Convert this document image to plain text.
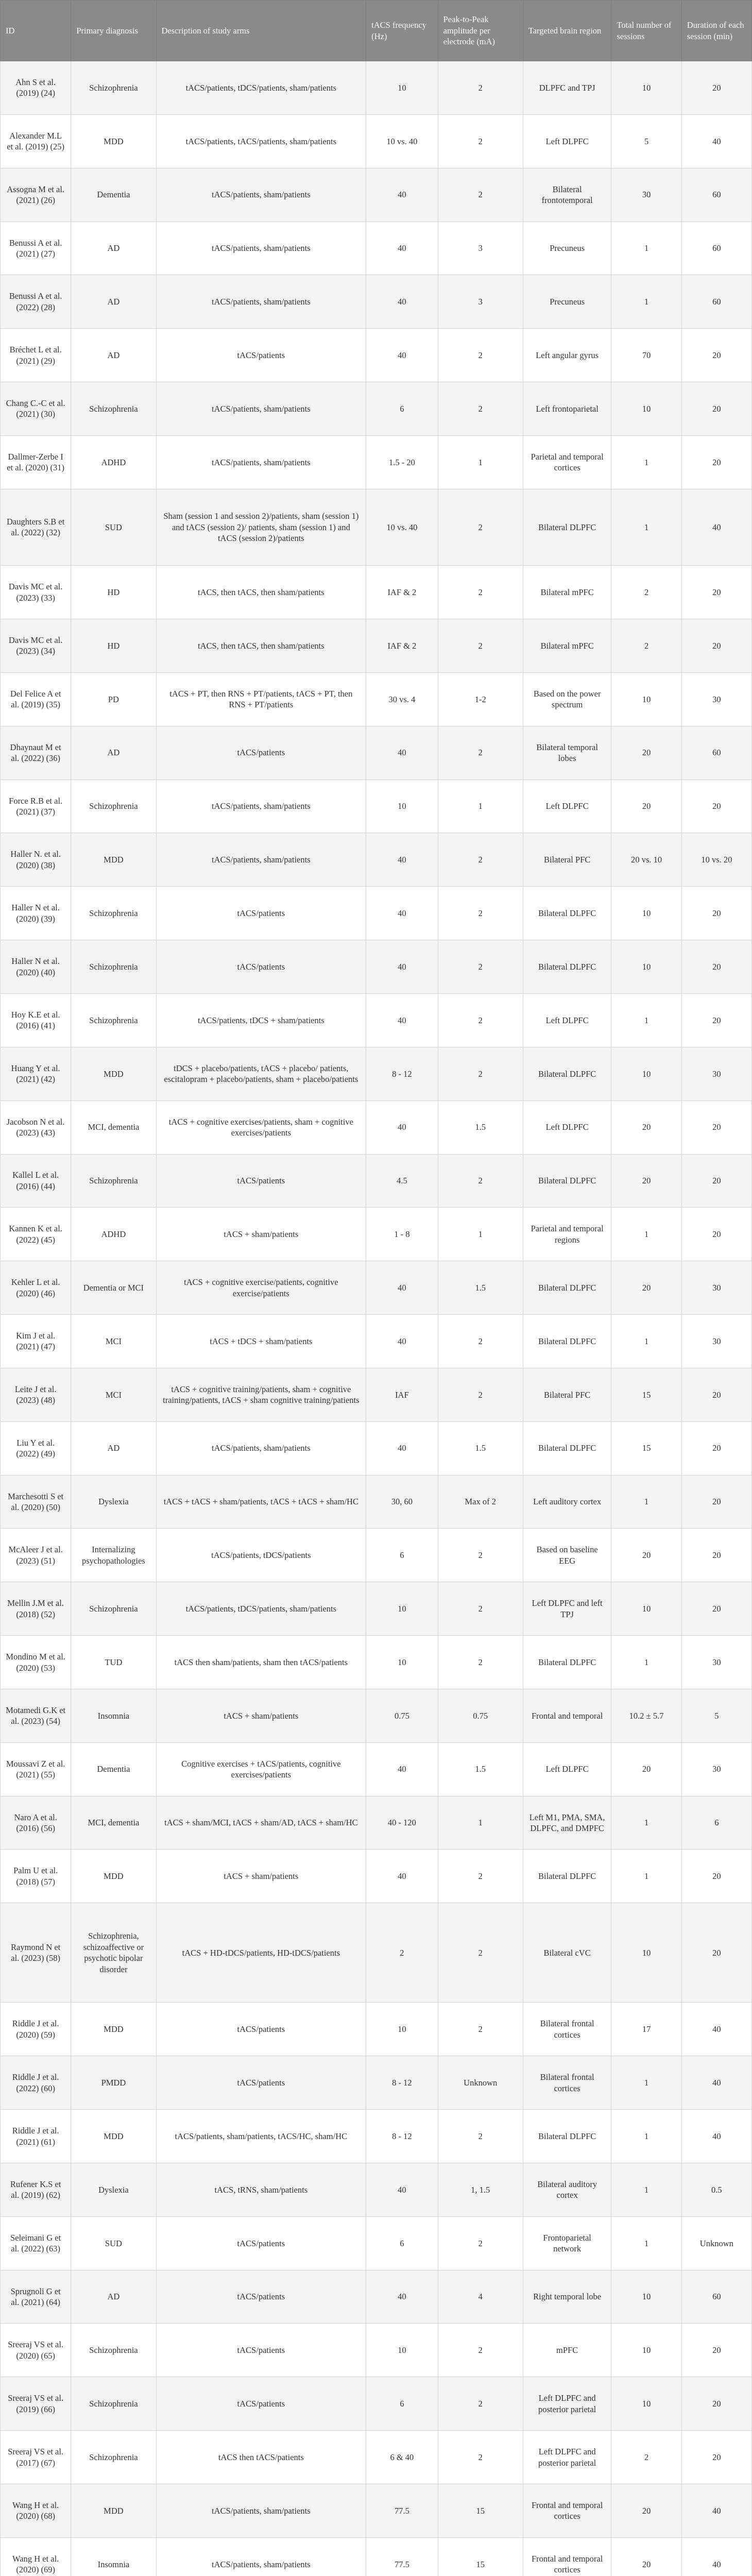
ID	Primary diagnosis	Description of study arms	tACS frequency (Hz)	Peak-to-Peak amplitude per electrode (mA)	Targeted brain region	Total number of sessions	Duration of each session (min)
Ahn S et al. (2019) (24)	Schizophrenia	tACS/patients, tDCS/patients, sham/patients	10	2	DLPFC and TPJ	10	20
Alexander M.L et al. (2019) (25)	MDD	tACS/patients, tACS/patients, sham/patients	10 vs. 40	2	Left DLPFC	5	40
Assogna M et al. (2021) (26)	Dementia	tACS/patients, sham/patients	40	2	Bilateral frontotemporal	30	60
Benussi A et al. (2021) (27)	AD	tACS/patients, sham/patients	40	3	Precuneus	1	60
Benussi A et al. (2022) (28)	AD	tACS/patients, sham/patients	40	3	Precuneus	1	60
Bréchet L et al. (2021) (29)	AD	tACS/patients	40	2	Left angular gyrus	70	20
Chang C.-C et al. (2021) (30)	Schizophrenia	tACS/patients, sham/patients	6	2	Left frontoparietal	10	20
Dallmer-Zerbe I et al. (2020) (31)	ADHD	tACS/patients, sham/patients	1.5 - 20	1	Parietal and temporal cortices	1	20
Daughters S.B et al. (2022) (32)	SUD	Sham (session 1 and session 2)/patients, sham (session 1) and tACS (session 2)/ patients, sham (session 1) and tACS (session 2)/patients	10 vs. 40	2	Bilateral DLPFC	1	40
Davis MC et al. (2023) (33)	HD	tACS, then tACS, then sham/patients	IAF & 2	2	Bilateral mPFC	2	20
Davis MC et al. (2023) (34)	HD	tACS, then tACS, then sham/patients	IAF & 2	2	Bilateral mPFC	2	20
Del Felice A et al. (2019) (35)	PD	tACS + PT, then RNS + PT/patients, tACS + PT, then RNS + PT/patients	30 vs. 4	1-2	Based on the power spectrum	10	30
Dhaynaut M et al. (2022) (36)	AD	tACS/patients	40	2	Bilateral temporal lobes	20	60
Force R.B et al. (2021) (37)	Schizophrenia	tACS/patients, sham/patients	10	1	Left DLPFC	20	20
Haller N. et al. (2020) (38)	MDD	tACS/patients, sham/patients	40	2	Bilateral PFC	20 vs. 10	10 vs. 20
Haller N et al. (2020) (39)	Schizophrenia	tACS/patients	40	2	Bilateral DLPFC	10	20
Haller N et al. (2020) (40)	Schizophrenia	tACS/patients	40	2	Bilateral DLPFC	10	20
Hoy K.E et al. (2016) (41)	Schizophrenia	tACS/patients, tDCS + sham/patients	40	2	Left DLPFC	1	20
Huang Y et al. (2021) (42)	MDD	tDCS + placebo/patients, tACS + placebo/ patients, escitalopram + placebo/patients, sham + placebo/patients	8 - 12	2	Bilateral DLPFC	10	30
Jacobson N et al. (2023) (43)	MCI, dementia	tACS + cognitive exercises/patients, sham + cognitive exercises/patients	40	1.5	Left DLPFC	20	20
Kallel L et al. (2016) (44)	Schizophrenia	tACS/patients	4.5	2	Bilateral DLPFC	20	20
Kannen K et al. (2022) (45)	ADHD	tACS + sham/patients	1 - 8	1	Parietal and temporal regions	1	20
Kehler L et al. (2020) (46)	Dementia or MCI	tACS + cognitive exercise/patients, cognitive exercise/patients	40	1.5	Bilateral DLPFC	20	30
Kim J et al. (2021) (47)	MCI	tACS + tDCS + sham/patients	40	2	Bilateral DLPFC	1	30
Leite J et al. (2023) (48)	MCI	tACS + cognitive training/patients, sham + cognitive training/patients, tACS + sham cognitive training/patients	IAF	2	Bilateral PFC	15	20
Liu Y et al. (2022) (49)	AD	tACS/patients, sham/patients	40	1.5	Bilateral DLPFC	15	20
Marchesotti S et al. (2020) (50)	Dyslexia	tACS + tACS + sham/patients, tACS + tACS + sham/HC	30, 60	Max of 2	Left auditory cortex	1	20
McAleer J et al. (2023) (51)	Internalizing psychopathologies	tACS/patients, tDCS/patients	6	2	Based on baseline EEG	20	20
Mellin J.M et al. (2018) (52)	Schizophrenia	tACS/patients, tDCS/patients, sham/patients	10	2	Left DLPFC and left TPJ	10	20
Mondino M et al. (2020) (53)	TUD	tACS then sham/patients, sham then tACS/patients	10	2	Bilateral DLPFC	1	30
Motamedi G.K et al. (2023) (54)	Insomnia	tACS + sham/patients	0.75	0.75	Frontal and temporal	10.2 ± 5.7	5
Moussavi Z et al. (2021) (55)	Dementia	Cognitive exercises + tACS/patients, cognitive exercises/patients	40	1.5	Left DLPFC	20	30
Naro A et al. (2016) (56)	MCI, dementia	tACS + sham/MCI, tACS + sham/AD, tACS + sham/HC	40 - 120	1	Left M1, PMA, SMA, DLPFC, and DMPFC	1	6
Palm U et al. (2018) (57)	MDD	tACS + sham/patients	40	2	Bilateral DLPFC	1	20
Raymond N et al. (2023) (58)	Schizophrenia, schizoaffective or psychotic bipolar disorder	tACS + HD-tDCS/patients, HD-tDCS/patients	2	2	Bilateral cVC	10	20
Riddle J et al. (2020) (59)	MDD	tACS/patients	10	2	Bilateral frontal cortices	17	40
Riddle J et al. (2022) (60)	PMDD	tACS/patients	8 - 12	Unknown	Bilateral frontal cortices	1	40
Riddle J et al. (2021) (61)	MDD	tACS/patients, sham/patients, tACS/HC, sham/HC	8 - 12	2	Bilateral DLPFC	1	40
Rufener K.S et al. (2019) (62)	Dyslexia	tACS, tRNS, sham/patients	40	1, 1.5	Bilateral auditory cortex	1	0.5
Seleimani G et al. (2022) (63)	SUD	tACS/patients	6	2	Frontoparietal network	1	Unknown
Sprugnoli G et al. (2021) (64)	AD	tACS/patients	40	4	Right temporal lobe	10	60
Sreeraj VS et al. (2020) (65)	Schizophrenia	tACS/patients	10	2	mPFC	10	20
Sreeraj VS et al. (2019) (66)	Schizophrenia	tACS/patients	6	2	Left DLPFC and posterior parietal	10	20
Sreeraj VS et al. (2017) (67)	Schizophrenia	tACS then tACS/patients	6 & 40	2	Left DLPFC and posterior parietal	2	20
Wang H et al. (2020) (68)	MDD	tACS/patients, sham/patients	77.5	15	Frontal and temporal cortices	20	40
Wang H et al. (2020) (69)	Insomnia	tACS/patients, sham/patients	77.5	15	Frontal and temporal cortices	20	40
